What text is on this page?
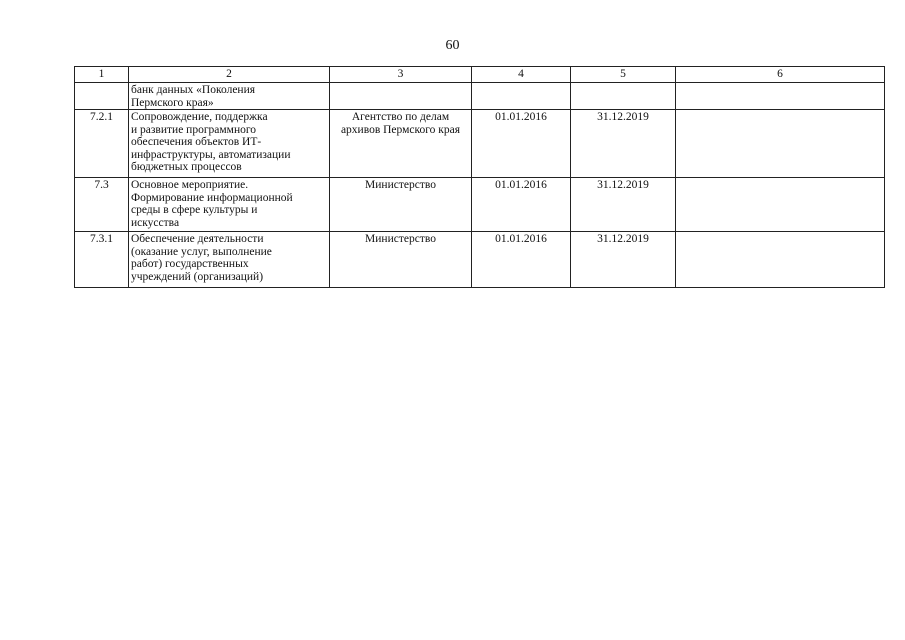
60
1	2	3	4	5	6

	банк данных «Поколения
Пермского края»				

7.2.1	Сопровождение, поддержка
и развитие программного
обеспечения объектов ИТ-
инфраструктуры, автоматизации
бюджетных процессов	Агентство по делам
архивов Пермского края	01.01.2016	31.12.2019	
7.3	Основное мероприятие.
Формирование информационной
среды в сфере культуры и
искусства	Министерство	01.01.2016	31.12.2019	
7.3.1	Обеспечение деятельности
(оказание услуг, выполнение
работ) государственных
учреждений (организаций)	Министерство	01.01.2016	31.12.2019	
